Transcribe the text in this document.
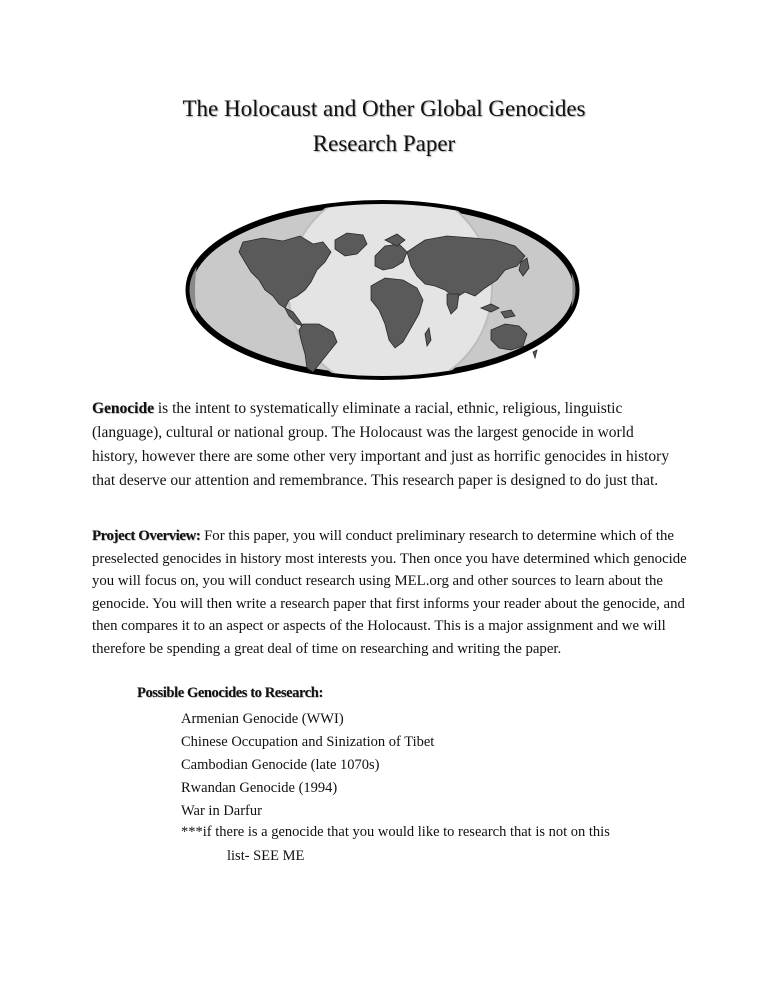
The Holocaust and Other Global Genocides
Research Paper
Genocide is the intent to systematically eliminate a racial, ethnic, religious, linguistic (language), cultural or national group. The Holocaust was the largest genocide in world history, however there are some other very important and just as horrific genocides in history that deserve our attention and remembrance. This research paper is designed to do just that.
Project Overview: For this paper, you will conduct preliminary research to determine which of the preselected genocides in history most interests you. Then once you have determined which genocide you will focus on, you will conduct research using MEL.org and other sources to learn about the genocide. You will then write a research paper that first informs your reader about the genocide, and then compares it to an aspect or aspects of the Holocaust. This is a major assignment and we will therefore be spending a great deal of time on researching and writing the paper.
Possible Genocides to Research:
Armenian Genocide (WWI)
Chinese Occupation and Sinization of Tibet
Cambodian Genocide (late 1070s)
Rwandan Genocide (1994)
War in Darfur
***if there is a genocide that you would like to research that is not on this
list- SEE ME
